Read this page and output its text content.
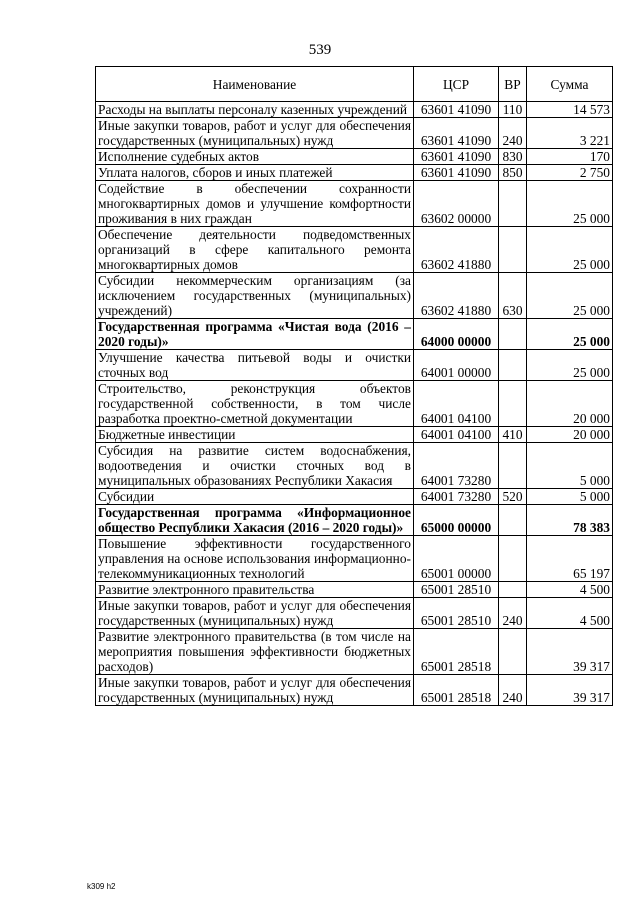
539
Наименование	ЦСР	ВР	Сумма
Расходы на выплаты персоналу казенных учреждений	63601 41090	110	14 573
Иные закупки товаров, работ и услуг для обеспечения государственных (муниципальных) нужд	63601 41090	240	3 221
Исполнение судебных актов	63601 41090	830	170
Уплата налогов, сборов и иных платежей	63601 41090	850	2 750
Содействие в обеспечении сохранности многоквартирных домов и улучшение комфортности проживания в них граждан	63602 00000		25 000
Обеспечение деятельности подведомственных организаций в сфере капитального ремонта многоквартирных домов	63602 41880		25 000
Субсидии некоммерческим организациям (за исключением государственных (муниципальных) учреждений)	63602 41880	630	25 000
Государственная программа «Чистая вода (2016 – 2020 годы)»	64000 00000		25 000
Улучшение качества питьевой воды и очистки сточных вод	64001 00000		25 000
Строительство, реконструкция объектов государственной собственности, в том числе разработка проектно-сметной документации	64001 04100		20 000
Бюджетные инвестиции	64001 04100	410	20 000
Субсидия на развитие систем водоснабжения, водоотведения и очистки сточных вод в муниципальных образованиях Республики Хакасия	64001 73280		5 000
Субсидии	64001 73280	520	5 000
Государственная программа «Информационное общество Республики Хакасия (2016 – 2020 годы)»	65000 00000		78 383
Повышение эффективности государственного управления на основе использования информационно-телекоммуникационных технологий	65001 00000		65 197
Развитие электронного правительства	65001 28510		4 500
Иные закупки товаров, работ и услуг для обеспечения государственных (муниципальных) нужд	65001 28510	240	4 500
Развитие электронного правительства (в том числе на мероприятия повышения эффективности бюджетных расходов)	65001 28518		39 317
Иные закупки товаров, работ и услуг для обеспечения государственных (муниципальных) нужд	65001 28518	240	39 317
k309 h2
